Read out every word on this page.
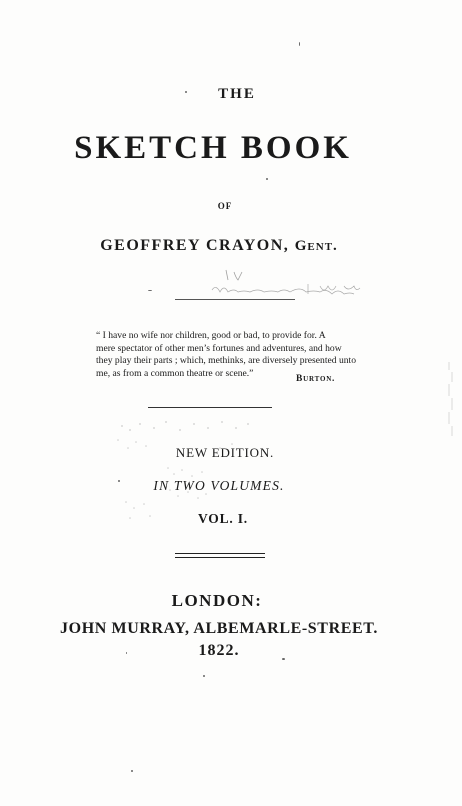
THE
SKETCH BOOK
OF
GEOFFREY CRAYON, Gent.
“ I have no wife nor children, good or bad, to provide for. A
mere spectator of other men’s fortunes and adventures, and how
they play their parts ; which, methinks, are diversely presented unto
me, as from a common theatre or scene.”
Burton.
NEW EDITION.
IN TWO VOLUMES.
VOL. I.
LONDON:
JOHN MURRAY, ALBEMARLE-STREET.
1822.
